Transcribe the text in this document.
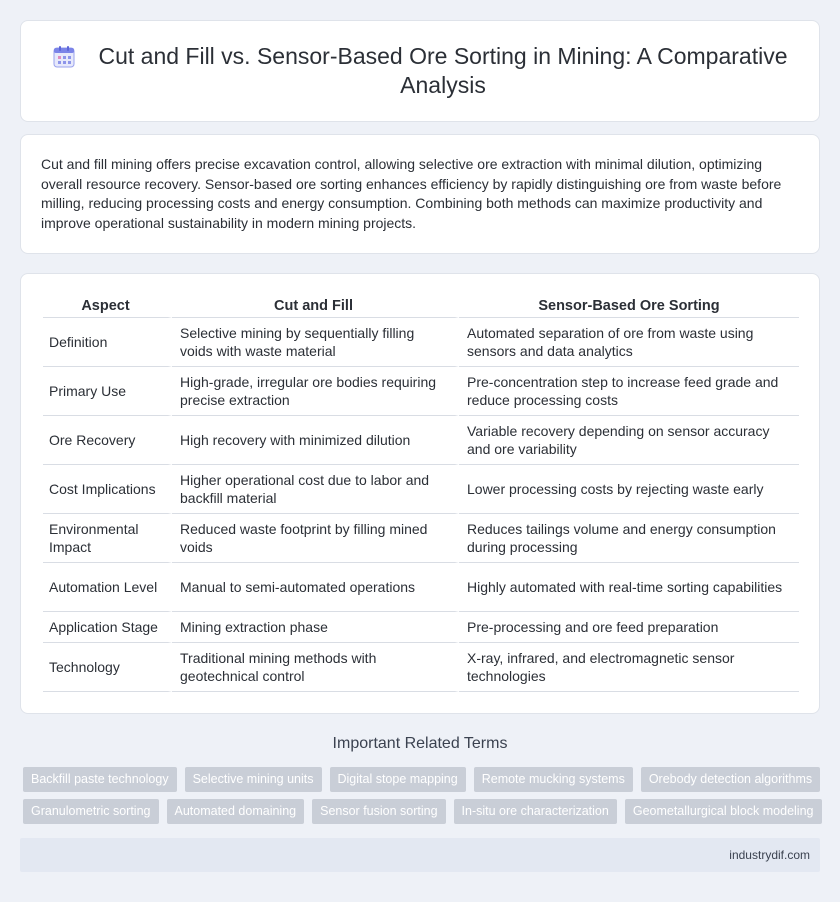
Cut and Fill vs. Sensor-Based Ore Sorting in Mining: A Comparative Analysis

Cut and fill mining offers precise excavation control, allowing selective ore extraction with minimal dilution, optimizing overall resource recovery. Sensor-based ore sorting enhances efficiency by rapidly distinguishing ore from waste before milling, reducing processing costs and energy consumption. Combining both methods can maximize productivity and improve operational sustainability in modern mining projects.

Aspect	Cut and Fill	Sensor-Based Ore Sorting
Definition	Selective mining by sequentially filling voids with waste material	Automated separation of ore from waste using sensors and data analytics
Primary Use	High-grade, irregular ore bodies requiring precise extraction	Pre-concentration step to increase feed grade and reduce processing costs
Ore Recovery	High recovery with minimized dilution	Variable recovery depending on sensor accuracy and ore variability
Cost Implications	Higher operational cost due to labor and backfill material	Lower processing costs by rejecting waste early
Environmental Impact	Reduced waste footprint by filling mined voids	Reduces tailings volume and energy consumption during processing
Automation Level	Manual to semi-automated operations	Highly automated with real-time sorting capabilities
Application Stage	Mining extraction phase	Pre-processing and ore feed preparation
Technology	Traditional mining methods with geotechnical control	X-ray, infrared, and electromagnetic sensor technologies
Important Related Terms
Backfill paste technology	Selective mining units	Digital stope mapping	Remote mucking systems	Orebody detection algorithms
Granulometric sorting	Automated domaining	Sensor fusion sorting	In-situ ore characterization	Geometallurgical block modeling
industrydif.com
